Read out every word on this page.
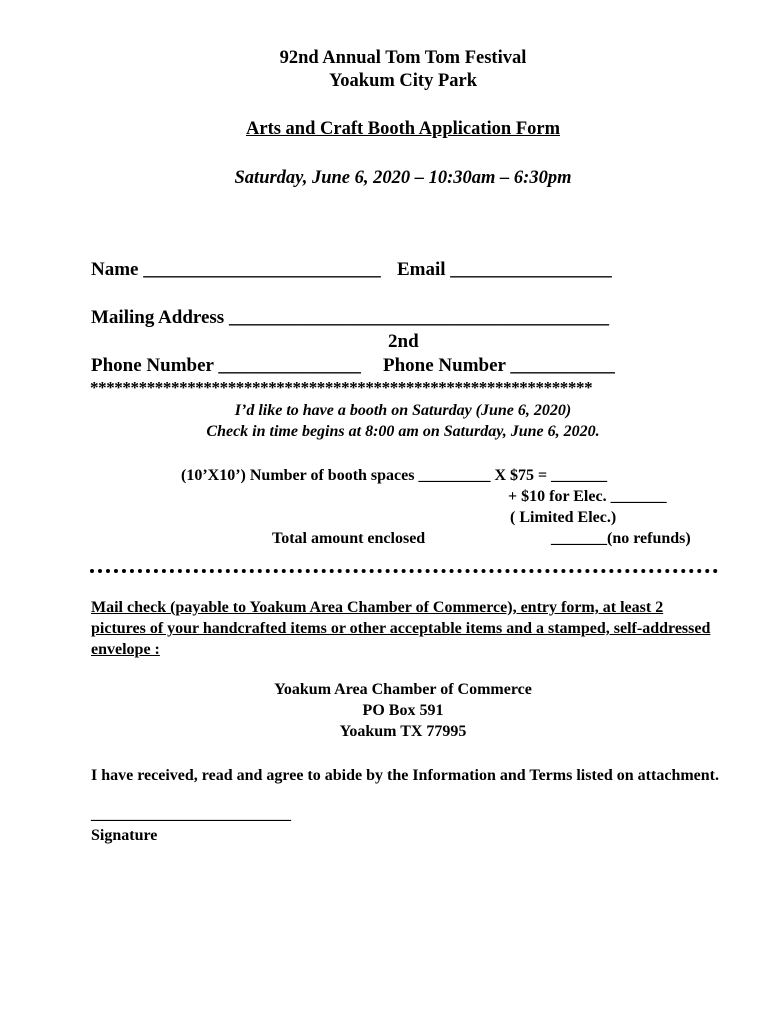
92nd Annual Tom Tom Festival
Yoakum City Park
Arts and Craft Booth Application Form
Saturday, June 6, 2020 – 10:30am – 6:30pm
Name _________________________ Email _________________
Mailing Address ________________________________________
2nd
Phone Number _______________ Phone Number ___________
**************************************************************
I’d like to have a booth on Saturday (June 6, 2020)
Check in time begins at 8:00 am on Saturday, June 6, 2020.
(10’X10’) Number of booth spaces _________ X $75 = _______
+ $10 for Elec. _______
( Limited Elec.)
Total amount enclosed	_______(no refunds)
Mail check (payable to Yoakum Area Chamber of Commerce), entry form, at least 2 pictures of your handcrafted items or other acceptable items and a stamped, self-addressed envelope :
Yoakum Area Chamber of Commerce
PO Box 591
Yoakum TX 77995
I have received, read and agree to abide by the Information and Terms listed on attachment.
_________________________
Signature
